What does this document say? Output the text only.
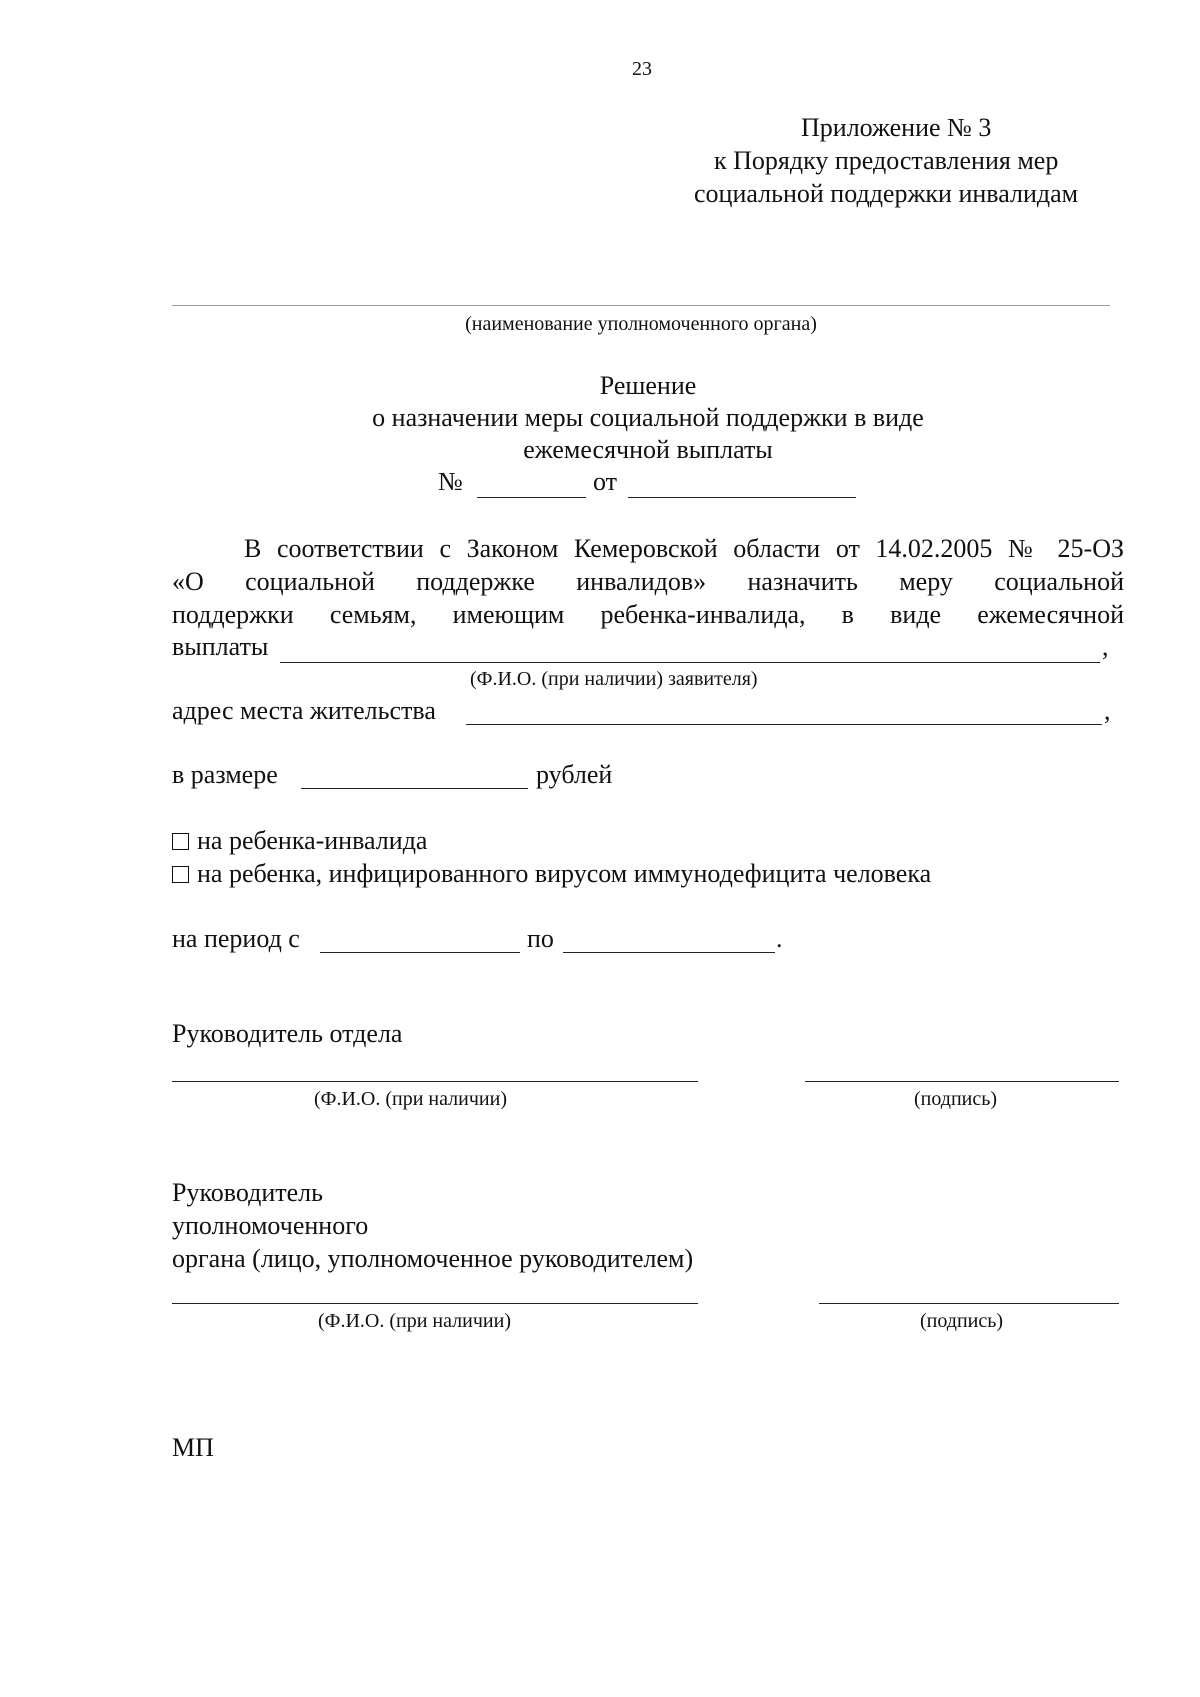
23
Приложение № 3
к Порядку предоставления мер
социальной поддержки инвалидам
(наименование уполномоченного органа)
Решение
о назначении меры социальной поддержки в виде
ежемесячной выплаты
№	от
В соответствии с Законом Кемеровской области от 14.02.2005 № 25-ОЗ
«О социальной поддержке инвалидов» назначить меру социальной
поддержки семьям, имеющим ребенка-инвалида, в виде ежемесячной
выплаты	,
(Ф.И.О. (при наличии) заявителя)
адрес места жительства	,
в размере	рублей
на ребенка-инвалида
на ребенка, инфицированного вирусом иммунодефицита человека
на период с	по	.
Руководитель отдела
(Ф.И.О. (при наличии)	(подпись)
Руководитель
уполномоченного
органа (лицо, уполномоченное руководителем)
(Ф.И.О. (при наличии)	(подпись)
МП
